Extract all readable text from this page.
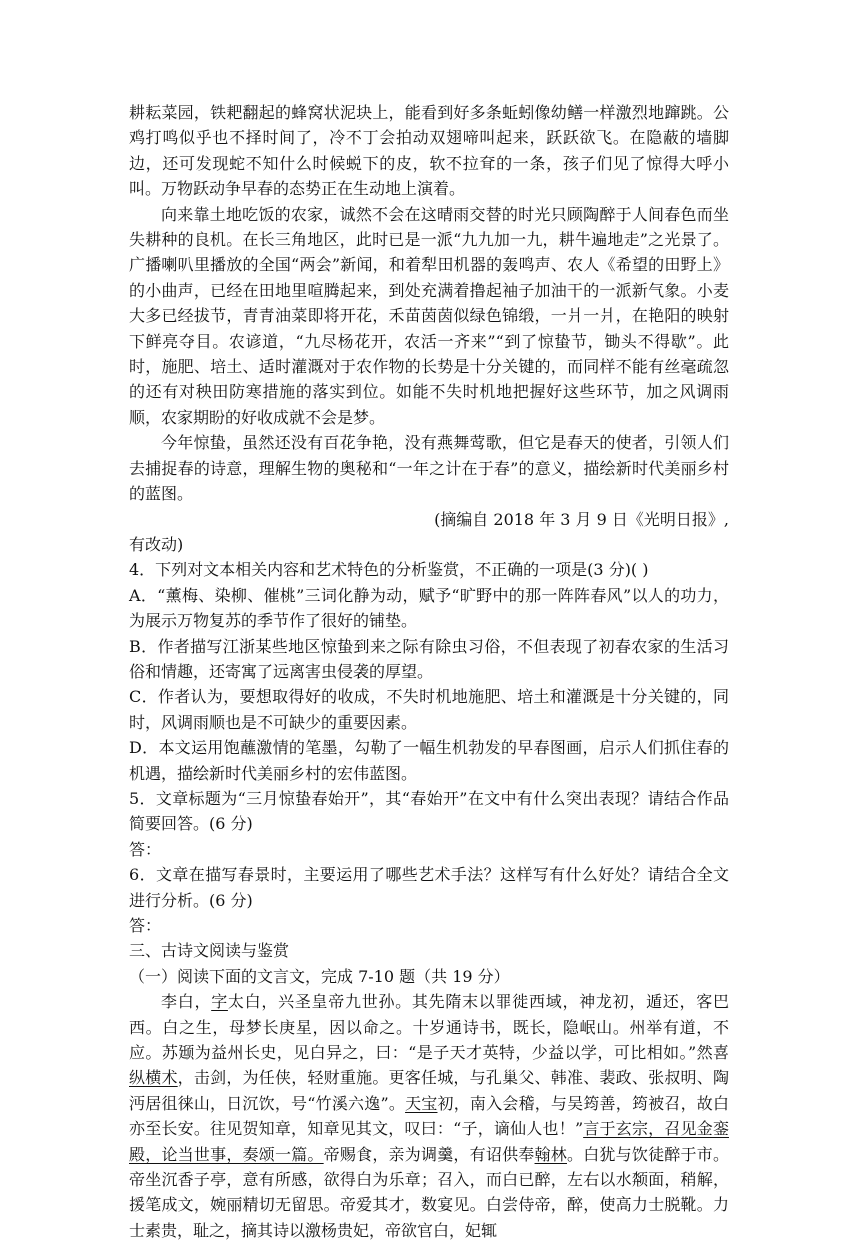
耕耘菜园，铁耙翻起的蜂窝状泥块上，能看到好多条蚯蚓像幼鳝一样激烈地蹿跳。公鸡打鸣似乎也不择时间了，冷不丁会拍动双翅啼叫起来，跃跃欲飞。在隐蔽的墙脚边，还可发现蛇不知什么时候蜕下的皮，软不拉耷的一条，孩子们见了惊得大呼小叫。万物跃动争早春的态势正在生动地上演着。

向来靠土地吃饭的农家，诚然不会在这晴雨交替的时光只顾陶醉于人间春色而坐失耕种的良机。在长三角地区，此时已是一派“九九加一九，耕牛遍地走”之光景了。广播喇叭里播放的全国“两会”新闻，和着犁田机器的轰鸣声、农人《希望的田野上》的小曲声，已经在田地里喧腾起来，到处充满着撸起袖子加油干的一派新气象。小麦大多已经拔节，青青油菜即将开花，禾苗茵茵似绿色锦缎，一爿一爿，在艳阳的映射下鲜亮夺目。农谚道，“九尽杨花开，农活一齐来”“到了惊蛰节，锄头不得歇”。此时，施肥、培土、适时灌溉对于农作物的长势是十分关键的，而同样不能有丝毫疏忽的还有对秧田防寒措施的落实到位。如能不失时机地把握好这些环节，加之风调雨顺，农家期盼的好收成就不会是梦。

今年惊蛰，虽然还没有百花争艳，没有燕舞莺歌，但它是春天的使者，引领人们去捕捉春的诗意，理解生物的奥秘和“一年之计在于春”的意义，描绘新时代美丽乡村的蓝图。

(摘编自 2018 年 3 月 9 日《光明日报》,

有改动)

4．下列对文本相关内容和艺术特色的分析鉴赏，不正确的一项是(3 分)( )

A．“薰梅、染柳、催桃”三词化静为动，赋予“旷野中的那一阵阵春风”以人的功力，为展示万物复苏的季节作了很好的铺垫。

B．作者描写江浙某些地区惊蛰到来之际有除虫习俗，不但表现了初春农家的生活习俗和情趣，还寄寓了远离害虫侵袭的厚望。

C．作者认为，要想取得好的收成，不失时机地施肥、培土和灌溉是十分关键的，同时，风调雨顺也是不可缺少的重要因素。

D．本文运用饱蘸激情的笔墨，勾勒了一幅生机勃发的早春图画，启示人们抓住春的机遇，描绘新时代美丽乡村的宏伟蓝图。

5．文章标题为“三月惊蛰春始开”，其“春始开”在文中有什么突出表现？请结合作品简要回答。(6 分)

答：

6．文章在描写春景时，主要运用了哪些艺术手法？这样写有什么好处？请结合全文进行分析。(6 分)

答：

三、古诗文阅读与鉴赏

（一）阅读下面的文言文，完成 7-10 题（共 19 分）

李白，字太白，兴圣皇帝九世孙。其先隋末以罪徙西域，神龙初，遁还，客巴西。白之生，母梦长庚星，因以命之。十岁通诗书，既长，隐岷山。州举有道，不应。苏颋为益州长史，见白异之，曰：“是子天才英特，少益以学，可比相如。”然喜纵横术，击剑，为任侠，轻财重施。更客任城，与孔巢父、韩准、裴政、张叔明、陶沔居徂徕山，日沉饮，号“竹溪六逸”。天宝初，南入会稽，与吴筠善，筠被召，故白亦至长安。往见贺知章，知章见其文，叹曰：“子，谪仙人也！”言于玄宗，召见金銮殿，论当世事，奏颂一篇。帝赐食，亲为调羹，有诏供奉翰林。白犹与饮徒醉于市。帝坐沉香子亭，意有所感，欲得白为乐章；召入，而白已醉，左右以水颒面，稍解，援笔成文，婉丽精切无留思。帝爱其才，数宴见。白尝侍帝，醉，使高力士脱靴。力士素贵，耻之，摘其诗以激杨贵妃，帝欲官白，妃辄
